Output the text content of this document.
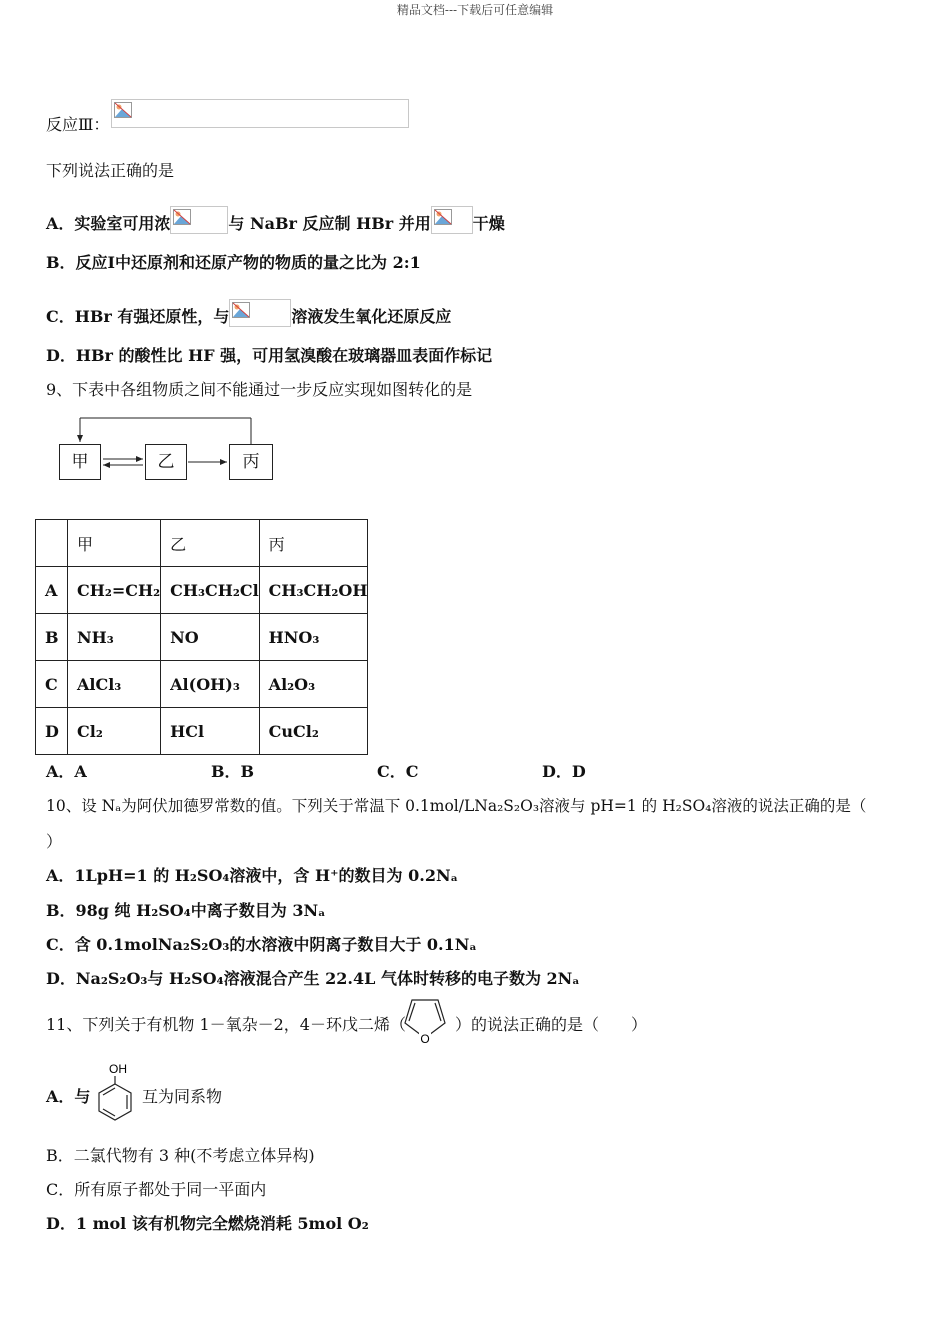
精品文档---下载后可任意编辑
反应Ⅲ：
下列说法正确的是
A．实验室可用浓	与 NaBr 反应制 HBr 并用	干燥
B．反应Ⅰ中还原剂和还原产物的物质的量之比为 2:1
C．HBr 有强还原性，与	溶液发生氧化还原反应
D．HBr 的酸性比 HF 强，可用氢溴酸在玻璃器皿表面作标记
9、下表中各组物质之间不能通过一步反应实现如图转化的是
甲	乙	丙
	甲	乙	丙
A	CH₂=CH₂	CH₃CH₂Cl	CH₃CH₂OH
B	NH₃	NO	HNO₃
C	AlCl₃	Al(OH)₃	Al₂O₃
D	Cl₂	HCl	CuCl₂
A．A	B．B	C．C	D．D
10、设 Nₐ为阿伏加德罗常数的值。下列关于常温下 0.1mol/LNa₂S₂O₃溶液与 pH=1 的 H₂SO₄溶液的说法正确的是（
）
A．1LpH=1 的 H₂SO₄溶液中，含 H⁺的数目为 0.2Nₐ
B．98g 纯 H₂SO₄中离子数目为 3Nₐ
C．含 0.1molNa₂S₂O₃的水溶液中阴离子数目大于 0.1Nₐ
D．Na₂S₂O₃与 H₂SO₄溶液混合产生 22.4L 气体时转移的电子数为 2Nₐ
11、下列关于有机物 1－氧杂－2，4－环戊二烯（
O
）的说法正确的是（　　）
A．与
OH
互为同系物
B．二氯代物有 3 种(不考虑立体异构)
C．所有原子都处于同一平面内
D．1 mol 该有机物完全燃烧消耗 5mol O₂
